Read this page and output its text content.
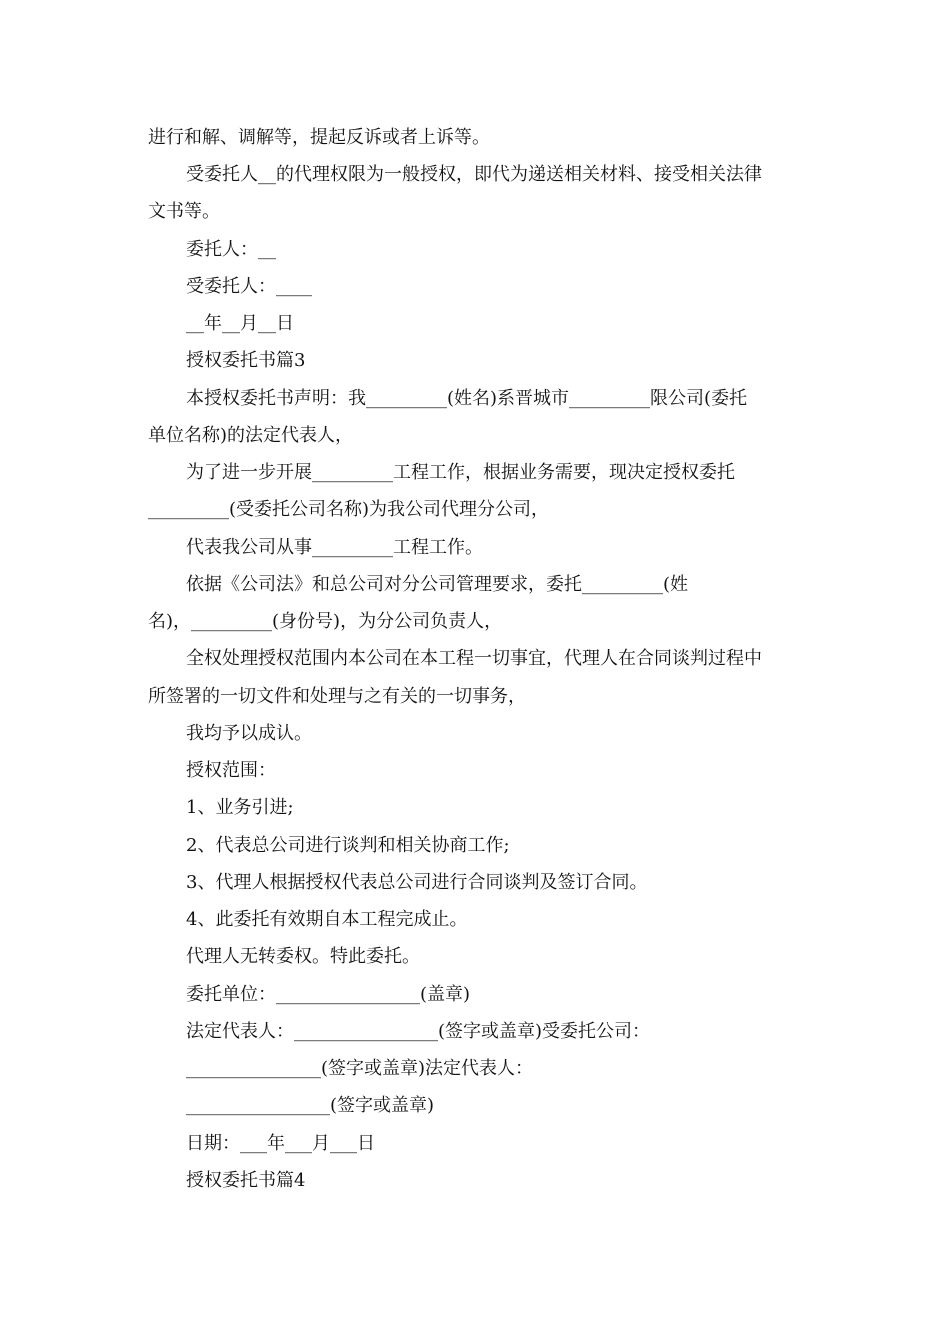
进行和解、调解等，提起反诉或者上诉等。
受委托人__的代理权限为一般授权，即代为递送相关材料、接受相关法律
文书等。
委托人：__
受委托人：____
__年__月__日
授权委托书篇3
本授权委托书声明：我_________(姓名)系晋城市_________限公司(委托
单位名称)的法定代表人，
为了进一步开展_________工程工作，根据业务需要，现决定授权委托
_________(受委托公司名称)为我公司代理分公司，
代表我公司从事_________工程工作。
依据《公司法》和总公司对分公司管理要求，委托_________(姓
名)，_________(身份号)，为分公司负责人，
全权处理授权范围内本公司在本工程一切事宜，代理人在合同谈判过程中
所签署的一切文件和处理与之有关的一切事务，
我均予以成认。
授权范围：
1、业务引进;
2、代表总公司进行谈判和相关协商工作;
3、代理人根据授权代表总公司进行合同谈判及签订合同。
4、此委托有效期自本工程完成止。
代理人无转委权。特此委托。
委托单位：________________(盖章)
法定代表人：________________(签字或盖章)受委托公司：
_______________(签字或盖章)法定代表人：
________________(签字或盖章)
日期：___年___月___日
授权委托书篇4
